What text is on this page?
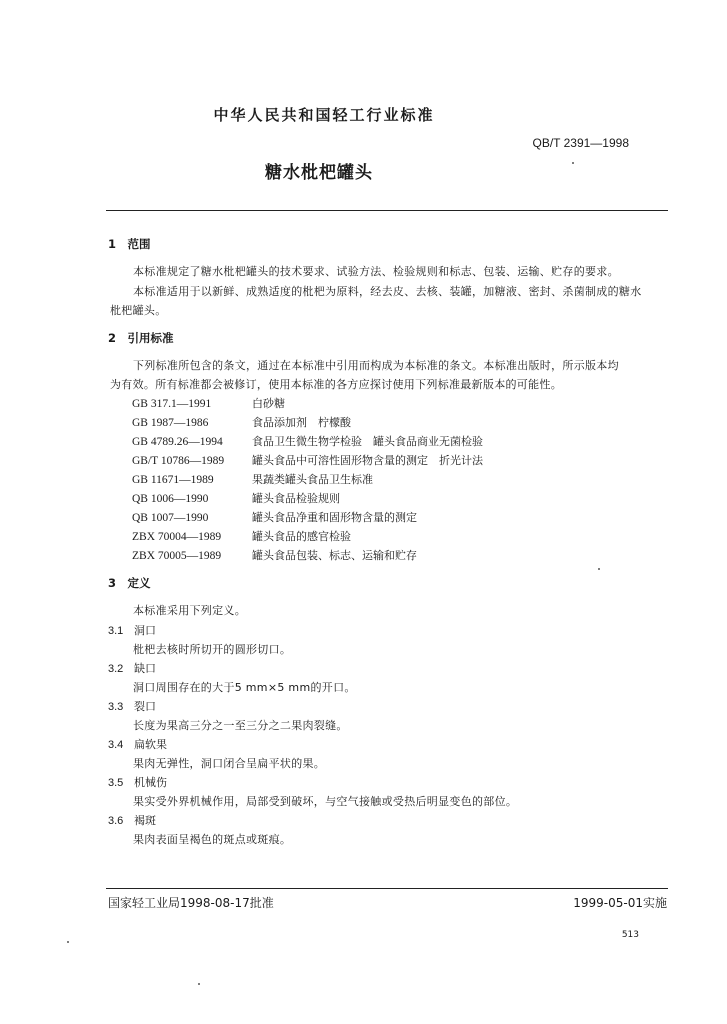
中华人民共和国轻工行业标准
QB/T 2391—1998
糖水枇杷罐头
1　范围
本标准规定了糖水枇杷罐头的技术要求、试验方法、检验规则和标志、包装、运输、贮存的要求。
本标准适用于以新鲜、成熟适度的枇杷为原料，经去皮、去核、装罐，加糖液、密封、杀菌制成的糖水
枇杷罐头。
2　引用标准
下列标准所包含的条文，通过在本标准中引用而构成为本标准的条文。本标准出版时，所示版本均
为有效。所有标准都会被修订，使用本标准的各方应探讨使用下列标准最新版本的可能性。
GB 317.1—1991	白砂糖
GB 1987—1986	食品添加剂　柠檬酸
GB 4789.26—1994	食品卫生微生物学检验　罐头食品商业无菌检验
GB/T 10786—1989	罐头食品中可溶性固形物含量的测定　折光计法
GB 11671—1989	果蔬类罐头食品卫生标准
QB 1006—1990	罐头食品检验规则
QB 1007—1990	罐头食品净重和固形物含量的测定
ZBX 70004—1989	罐头食品的感官检验
ZBX 70005—1989	罐头食品包装、标志、运输和贮存
3　定义
本标准采用下列定义。
3.1 洞口
枇杷去核时所切开的圆形切口。
3.2 缺口
洞口周围存在的大于5 mm×5 mm的开口。
3.3 裂口
长度为果高三分之一至三分之二果肉裂缝。
3.4 扁软果
果肉无弹性，洞口闭合呈扁平状的果。
3.5 机械伤
果实受外界机械作用，局部受到破坏，与空气接触或受热后明显变色的部位。
3.6 褐斑
果肉表面呈褐色的斑点或斑痕。
国家轻工业局1998-08-17批准	1999-05-01实施
513
